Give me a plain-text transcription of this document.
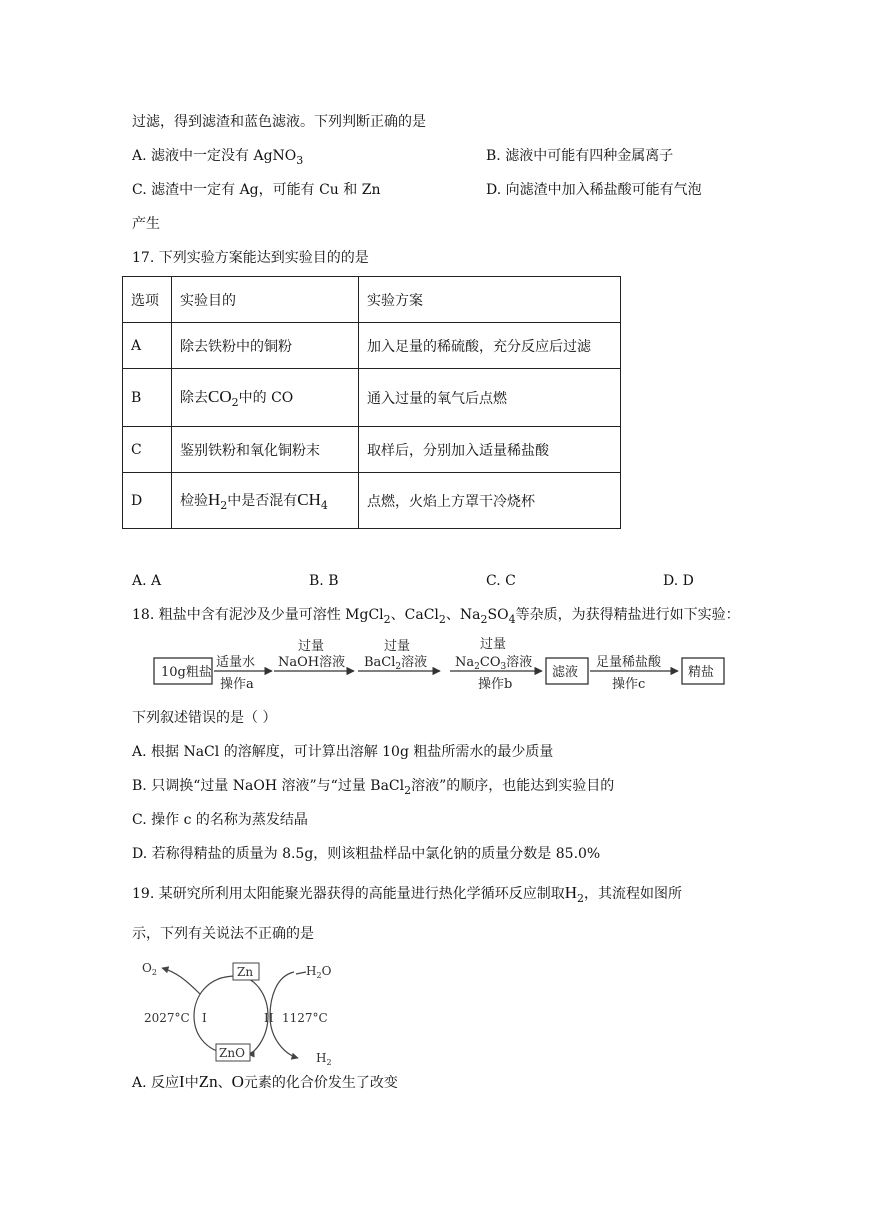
过滤，得到滤渣和蓝色滤液。下列判断正确的是
A. 滤液中一定没有 AgNO$_3$	B. 滤液中可能有四种金属离子
C. 滤渣中一定有 Ag，可能有 Cu 和 Zn	D. 向滤渣中加入稀盐酸可能有气泡
产生
17. 下列实验方案能达到实验目的的是
选项	实验目的	实验方案
A	除去铁粉中的铜粉	加入足量的稀硫酸，充分反应后过滤
B	除去$CO_2$中的 CO	通入过量的氧气后点燃
C	鉴别铁粉和氧化铜粉末	取样后，分别加入适量稀盐酸
D	检验$H_2$中是否混有$CH_4$	点燃，火焰上方罩干冷烧杯
A. A	B. B	C. C	D. D
18. 粗盐中含有泥沙及少量可溶性 MgCl$_2$、CaCl$_2$、$Na_2SO_4$等杂质，为获得精盐进行如下实验：
10g粗盐
适量水
操作a
过量
NaOH溶液
过量
BaCl$_2$溶液
过量
$Na_2CO_3$溶液
操作b
滤液
足量稀盐酸
操作c
精盐
下列叙述错误的是（ ）
A. 根据 NaCl 的溶解度，可计算出溶解 10g 粗盐所需水的最少质量
B. 只调换“过量 NaOH 溶液”与“过量 BaCl$_2$溶液”的顺序，也能达到实验目的
C. 操作 c 的名称为蒸发结晶
D. 若称得精盐的质量为 8.5g，则该粗盐样品中氯化钠的质量分数是 85.0%
19. 某研究所利用太阳能聚光器获得的高能量进行热化学循环反应制取$H_2$，其流程如图所
示，下列有关说法不正确的是
$O_2$	Zn	$H_2O$
2027°C I	II 1127°C
ZnO	$H_2$
A. 反应I中Zn、O元素的化合价发生了改变
